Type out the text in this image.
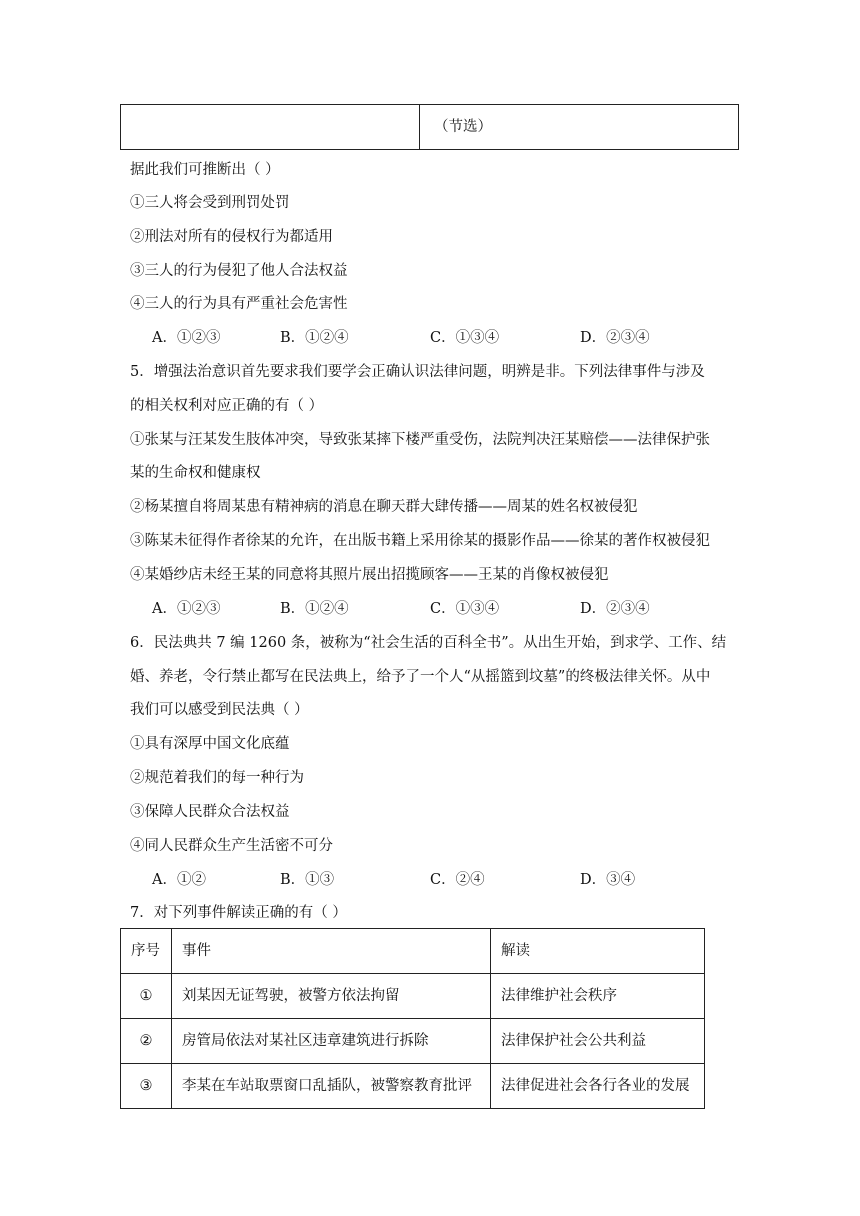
	（节选）
据此我们可推断出（ ）
①三人将会受到刑罚处罚
②刑法对所有的侵权行为都适用
③三人的行为侵犯了他人合法权益
④三人的行为具有严重社会危害性
A．①②③	B．①②④	C．①③④	D．②③④
5．增强法治意识首先要求我们要学会正确认识法律问题，明辨是非。下列法律事件与涉及
的相关权利对应正确的有（ ）
①张某与汪某发生肢体冲突，导致张某摔下楼严重受伤，法院判决汪某赔偿——法律保护张
某的生命权和健康权
②杨某擅自将周某患有精神病的消息在聊天群大肆传播——周某的姓名权被侵犯
③陈某未征得作者徐某的允许，在出版书籍上采用徐某的摄影作品——徐某的著作权被侵犯
④某婚纱店未经王某的同意将其照片展出招揽顾客——王某的肖像权被侵犯
A．①②③	B．①②④	C．①③④	D．②③④
6．民法典共 7 编 1260 条，被称为“社会生活的百科全书”。从出生开始，到求学、工作、结
婚、养老，令行禁止都写在民法典上，给予了一个人“从摇篮到坟墓”的终极法律关怀。从中
我们可以感受到民法典（ ）
①具有深厚中国文化底蕴
②规范着我们的每一种行为
③保障人民群众合法权益
④同人民群众生产生活密不可分
A．①②	B．①③	C．②④	D．③④
7．对下列事件解读正确的有（ ）
序号	事件	解读
①	刘某因无证驾驶，被警方依法拘留	法律维护社会秩序
②	房管局依法对某社区违章建筑进行拆除	法律保护社会公共利益
③	李某在车站取票窗口乱插队，被警察教育批评	法律促进社会各行各业的发展
